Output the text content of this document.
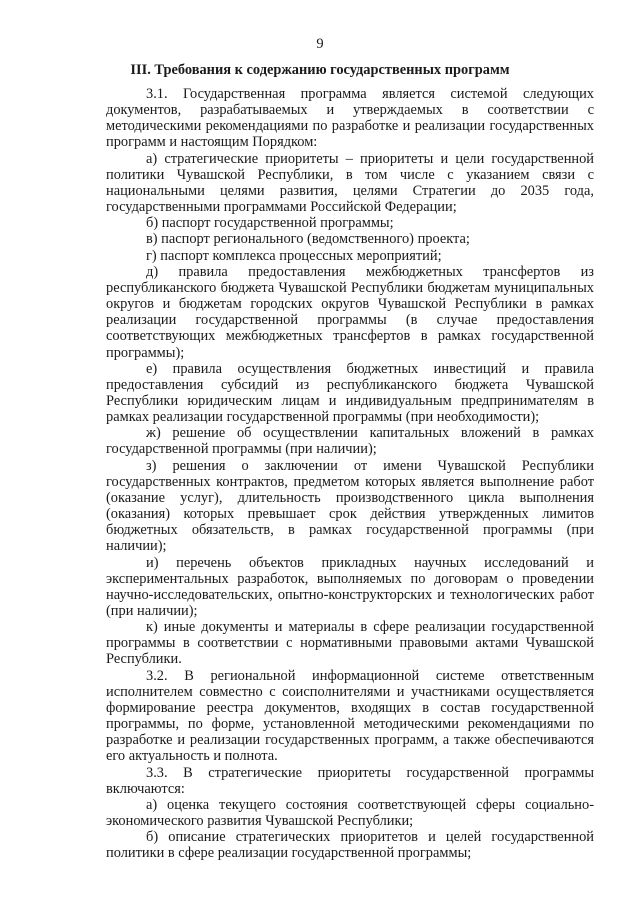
9
III. Требования к содержанию государственных программ

3.1. Государственная программа является системой следующих документов, разрабатываемых и утверждаемых в соответствии с методическими рекомендациями по разработке и реализации государственных программ и настоящим Порядком:

а) стратегические приоритеты – приоритеты и цели государственной политики Чувашской Республики, в том числе с указанием связи с национальными целями развития, целями Стратегии до 2035 года, государственными программами Российской Федерации;

б) паспорт государственной программы;

в) паспорт регионального (ведомственного) проекта;

г) паспорт комплекса процессных мероприятий;

д) правила предоставления межбюджетных трансфертов из республиканского бюджета Чувашской Республики бюджетам муниципальных округов и бюджетам городских округов Чувашской Республики в рамках реализации государственной программы (в случае предоставления соответствующих межбюджетных трансфертов в рамках государственной программы);

е) правила осуществления бюджетных инвестиций и правила предоставления субсидий из республиканского бюджета Чувашской Республики юридическим лицам и индивидуальным предпринимателям в рамках реализации государственной программы (при необходимости);

ж) решение об осуществлении капитальных вложений в рамках государственной программы (при наличии);

з) решения о заключении от имени Чувашской Республики государственных контрактов, предметом которых является выполнение работ (оказание услуг), длительность производственного цикла выполнения (оказания) которых превышает срок действия утвержденных лимитов бюджетных обязательств, в рамках государственной программы (при наличии);

и) перечень объектов прикладных научных исследований и экспериментальных разработок, выполняемых по договорам о проведении научно-исследовательских, опытно-конструкторских и технологических работ (при наличии);

к) иные документы и материалы в сфере реализации государственной программы в соответствии с нормативными правовыми актами Чувашской Республики.

3.2. В региональной информационной системе ответственным исполнителем совместно с соисполнителями и участниками осуществляется формирование реестра документов, входящих в состав государственной программы, по форме, установленной методическими рекомендациями по разработке и реализации государственных программ, а также обеспечиваются его актуальность и полнота.

3.3. В стратегические приоритеты государственной программы включаются:

а) оценка текущего состояния соответствующей сферы социально-экономического развития Чувашской Республики;

б) описание стратегических приоритетов и целей государственной политики в сфере реализации государственной программы;
